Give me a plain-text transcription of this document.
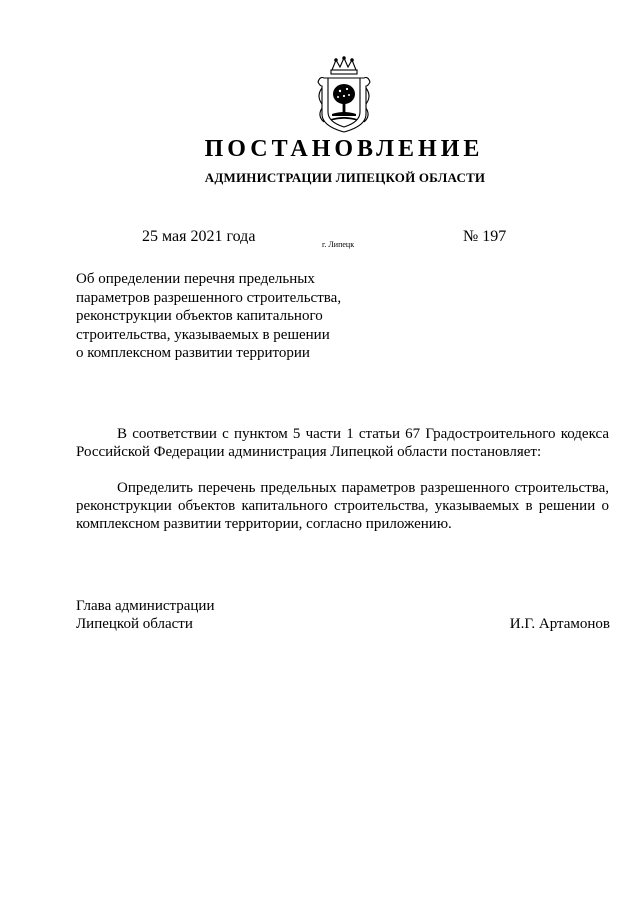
ПОСТАНОВЛЕНИЕ
АДМИНИСТРАЦИИ ЛИПЕЦКОЙ ОБЛАСТИ
25 мая 2021 года	г. Липецк	№ 197
Об определении перечня предельных
параметров разрешенного строительства,
реконструкции объектов капитального
строительства, указываемых в решении
о комплексном развитии территории

В соответствии с пунктом 5 части 1 статьи 67 Градостроительного кодекса Российской Федерации администрация Липецкой области постановляет:

Определить перечень предельных параметров разрешенного строительства, реконструкции объектов капитального строительства, указываемых в решении о комплексном развитии территории, согласно приложению.

Глава администрации
Липецкой области	И.Г. Артамонов
